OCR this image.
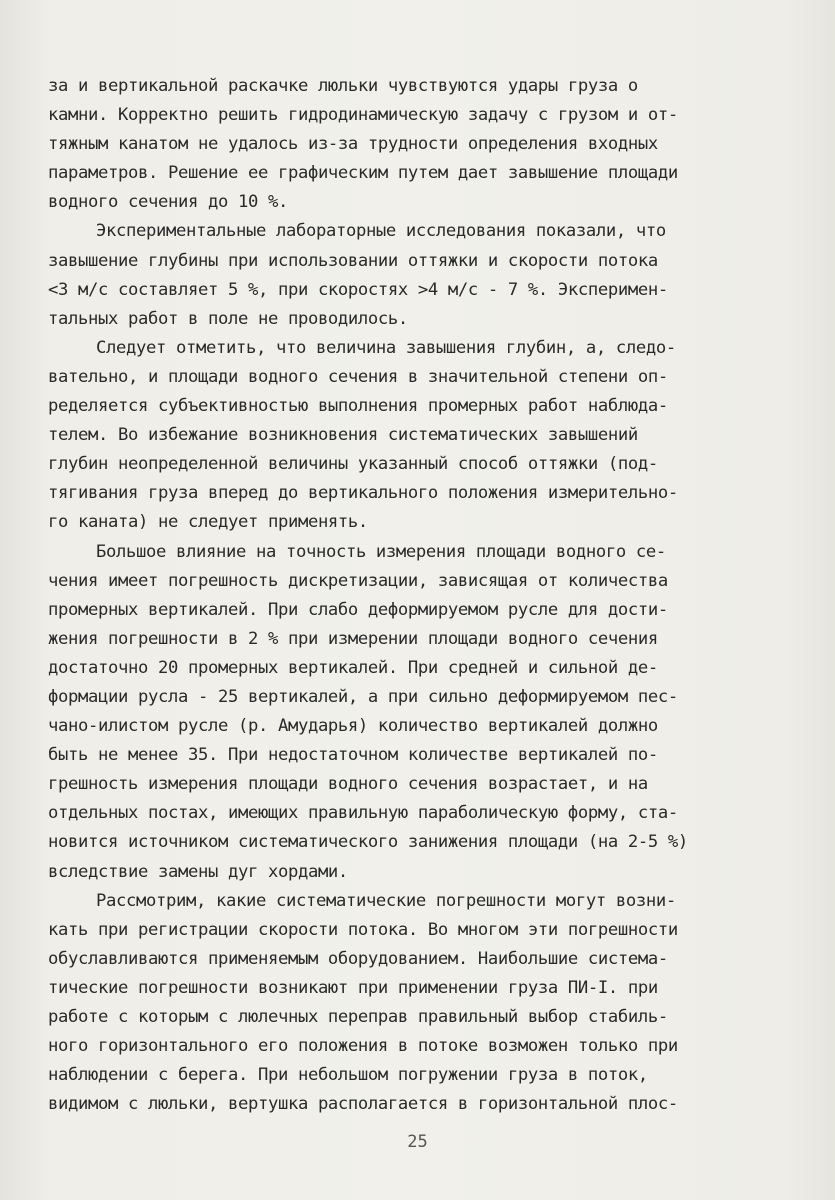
за и вертикальной раскачке люльки чувствуются удары груза о
камни. Корректно решить гидродинамическую задачу с грузом и от-
тяжным канатом не удалось из-за трудности определения входных
параметров. Решение ее графическим путем дает завышение площади
водного сечения до 10 %.
Экспериментальные лабораторные исследования показали, что
завышение глубины при использовании оттяжки и скорости потока
<3 м/с составляет 5 %, при скоростях >4 м/с - 7 %. Эксперимен-
тальных работ в поле не проводилось.
Следует отметить, что величина завышения глубин, а, следо-
вательно, и площади водного сечения в значительной степени оп-
ределяется субъективностью выполнения промерных работ наблюда-
телем. Во избежание возникновения систематических завышений
глубин неопределенной величины указанный способ оттяжки (под-
тягивания груза вперед до вертикального положения измерительно-
го каната) не следует применять.
Большое влияние на точность измерения площади водного се-
чения имеет погрешность дискретизации, зависящая от количества
промерных вертикалей. При слабо деформируемом русле для дости-
жения погрешности в 2 % при измерении площади водного сечения
достаточно 20 промерных вертикалей. При средней и сильной де-
формации русла - 25 вертикалей, а при сильно деформируемом пес-
чано-илистом русле (р. Амударья) количество вертикалей должно
быть не менее 35. При недостаточном количестве вертикалей по-
грешность измерения площади водного сечения возрастает, и на
отдельных постах, имеющих правильную параболическую форму, ста-
новится источником систематического занижения площади (на 2-5 %)
вследствие замены дуг хордами.
Рассмотрим, какие систематические погрешности могут возни-
кать при регистрации скорости потока. Во многом эти погрешности
обуславливаются применяемым оборудованием. Наибольшие системa-
тические погрешности возникают при применении груза ПИ-I. при
работе с которым с люлечных переправ правильный выбор стабиль-
ного горизонтального его положения в потоке возможен только при
наблюдении с берега. При небольшом погружении груза в поток,
видимом с люльки, вертушка располагается в горизонтальной плос-
25
